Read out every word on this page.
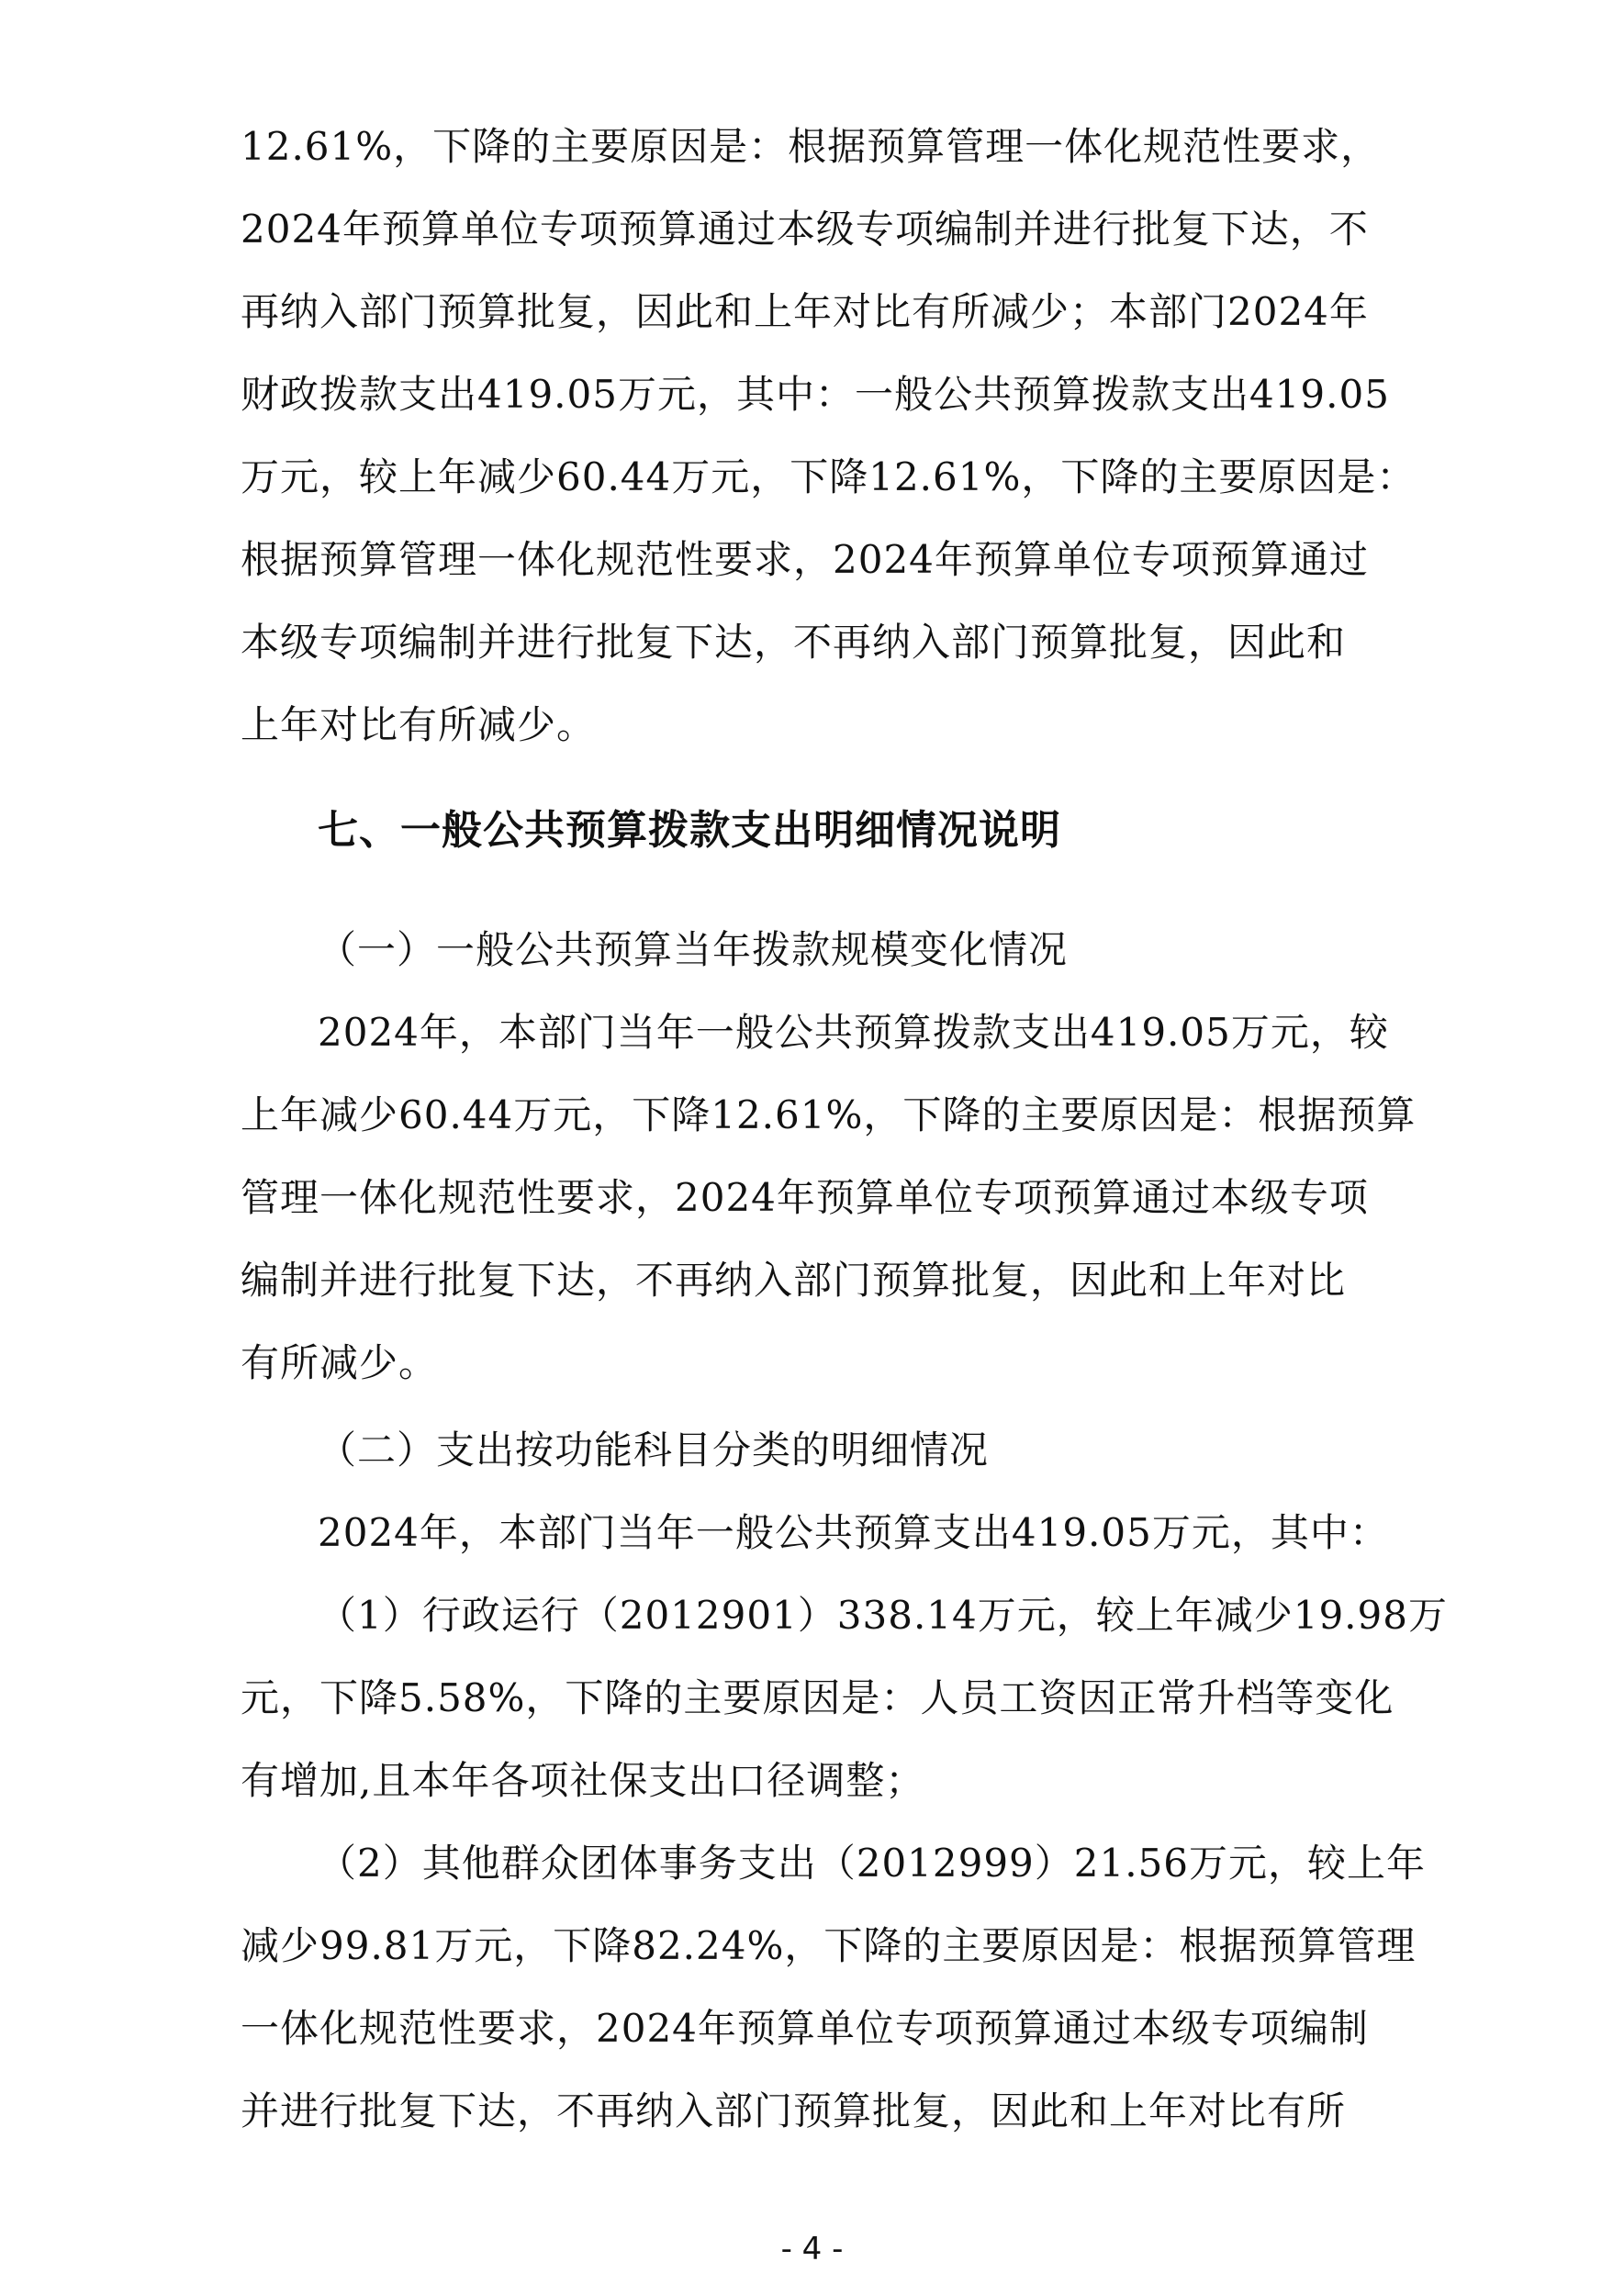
12.61%，下降的主要原因是：根据预算管理一体化规范性要求，
2024年预算单位专项预算通过本级专项编制并进行批复下达，不
再纳入部门预算批复，因此和上年对比有所减少；本部门2024年
财政拨款支出419.05万元，其中：一般公共预算拨款支出419.05
万元，较上年减少60.44万元，下降12.61%，下降的主要原因是：
根据预算管理一体化规范性要求，2024年预算单位专项预算通过
本级专项编制并进行批复下达，不再纳入部门预算批复，因此和
上年对比有所减少。
七、一般公共预算拨款支出明细情况说明
（一）一般公共预算当年拨款规模变化情况
2024年，本部门当年一般公共预算拨款支出419.05万元，较
上年减少60.44万元，下降12.61%，下降的主要原因是：根据预算
管理一体化规范性要求，2024年预算单位专项预算通过本级专项
编制并进行批复下达，不再纳入部门预算批复，因此和上年对比
有所减少。
（二）支出按功能科目分类的明细情况
2024年，本部门当年一般公共预算支出419.05万元，其中：
（1）行政运行（2012901）338.14万元，较上年减少19.98万
元，下降5.58%，下降的主要原因是：人员工资因正常升档等变化
有增加,且本年各项社保支出口径调整；
（2）其他群众团体事务支出（2012999）21.56万元，较上年
减少99.81万元，下降82.24%，下降的主要原因是：根据预算管理
一体化规范性要求，2024年预算单位专项预算通过本级专项编制
并进行批复下达，不再纳入部门预算批复，因此和上年对比有所
- 4 -
